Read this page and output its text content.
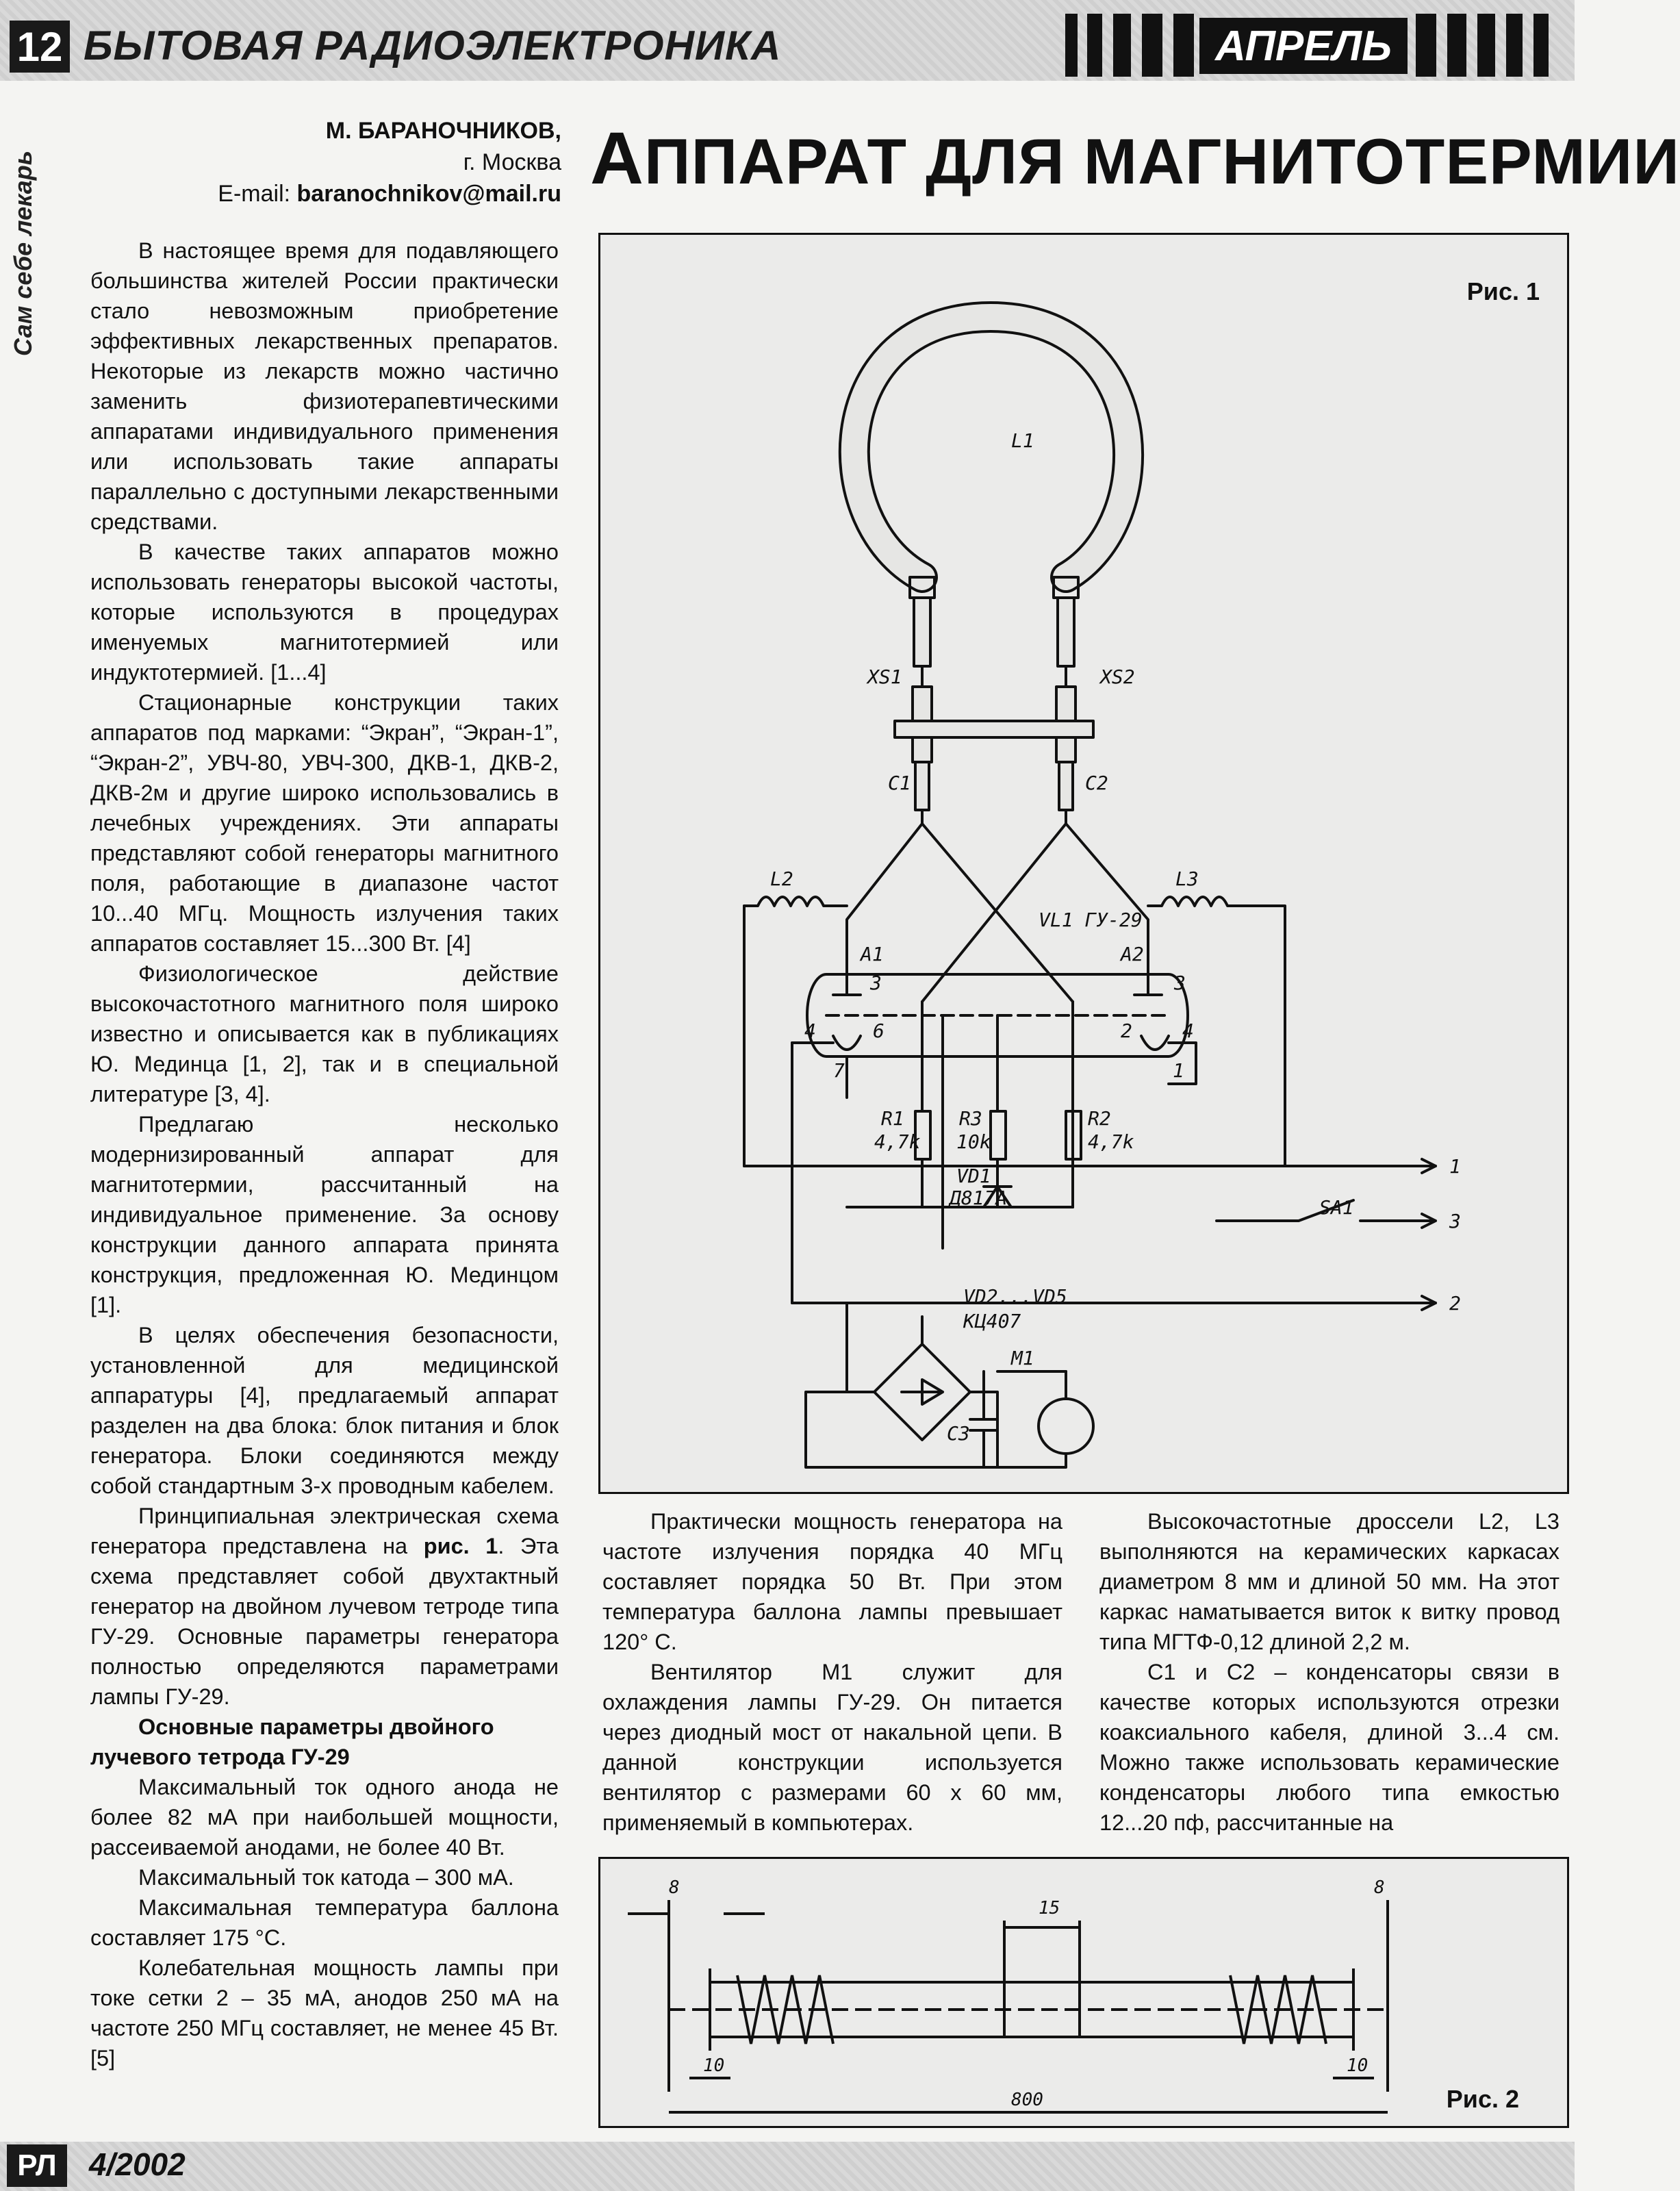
12 БЫТОВАЯ РАДИОЭЛЕКТРОНИКА	АПРЕЛЬ
Сам себе лекарь
М. БАРАНОЧНИКОВ,
г. Москва
E-mail: baranochnikov@mail.ru АППАРАТ ДЛЯ МАГНИТОТЕРМИИ

В настоящее время для подавляющего большинства жителей России практически стало невозможным приобретение эффективных лекарственных препаратов. Некоторые из лекарств можно частично заменить физиотерапевтическими аппаратами индивидуального применения или использовать такие аппараты параллельно с доступными лекарственными средствами.

В качестве таких аппаратов можно использовать генераторы высокой частоты, которые используются в процедурах именуемых магнитотермией или индуктотермией. [1...4]

Стационарные конструкции таких аппаратов под марками: “Экран”, “Экран-1”, “Экран-2”, УВЧ-80, УВЧ-300, ДКВ-1, ДКВ-2, ДКВ-2м и другие широко использовались в лечебных учреждениях. Эти аппараты представляют собой генераторы магнитного поля, работающие в диапазоне частот 10...40 МГц. Мощность излучения таких аппаратов составляет 15...300 Вт. [4]

Физиологическое действие высокочастотного магнитного поля широко известно и описывается как в публикациях Ю. Мединца [1, 2], так и в специальной литературе [3, 4].

Предлагаю несколько модернизированный аппарат для магнитотермии, рассчитанный на индивидуальное применение. За основу конструкции данного аппарата принята конструкция, предложенная Ю. Мединцом [1].

В целях обеспечения безопасности, установленной для медицинской аппаратуры [4], предлагаемый аппарат разделен на два блока: блок питания и блок генератора. Блоки соединяются между собой стандартным 3-х проводным кабелем.

Принципиальная электрическая схема генератора представлена на рис. 1. Эта схема представляет собой двухтактный генератор на двойном лучевом тетроде типа ГУ-29. Основные параметры генератора полностью определяются параметрами лампы ГУ-29.

Основные параметры двойного лучевого тетрода ГУ-29

Максимальный ток одного анода не более 82 мА при наибольшей мощности, рассеиваемой анодами, не более 40 Вт.

Максимальный ток катода – 300 мА.

Максимальная температура баллона составляет 175 °С.

Колебательная мощность лампы при токе сетки 2 – 35 мА, анодов 250 мА на частоте 250 МГц составляет, не менее 45 Вт. [5]

Рис. 1
L1
XS1	XS2
C1	C2
L2	L3
VL1 ГУ-29
A1	A2
3	3
4	4
6
7
2
1
R1
4,7k
R3
10k
VD1
Д817А
R2
4,7k
SA1
1
3
2
VD2...VD5
КЦ407
M1
C3

Практически мощность генератора на частоте излучения порядка 40 МГц составляет порядка 50 Вт. При этом температура баллона лампы превышает 120° С.

Вентилятор М1 служит для охлаждения лампы ГУ-29. Он питается через диодный мост от накальной цепи. В данной конструкции используется вентилятор с размерами 60 х 60 мм, применяемый в компьютерах.

Высокочастотные дроссели L2, L3 выполняются на керамических каркасах диаметром 8 мм и длиной 50 мм. На этот каркас наматывается виток к витку провод типа МГТФ-0,12 длиной 2,2 м.

С1 и С2 – конденсаторы связи в качестве которых используются отрезки коаксиального кабеля, длиной 3...4 см. Можно также использовать керамические конденсаторы любого типа емкостью 12...20 пф, рассчитанные на

Рис. 2
8
15
8
10	10
800
РЛ	4/2002
